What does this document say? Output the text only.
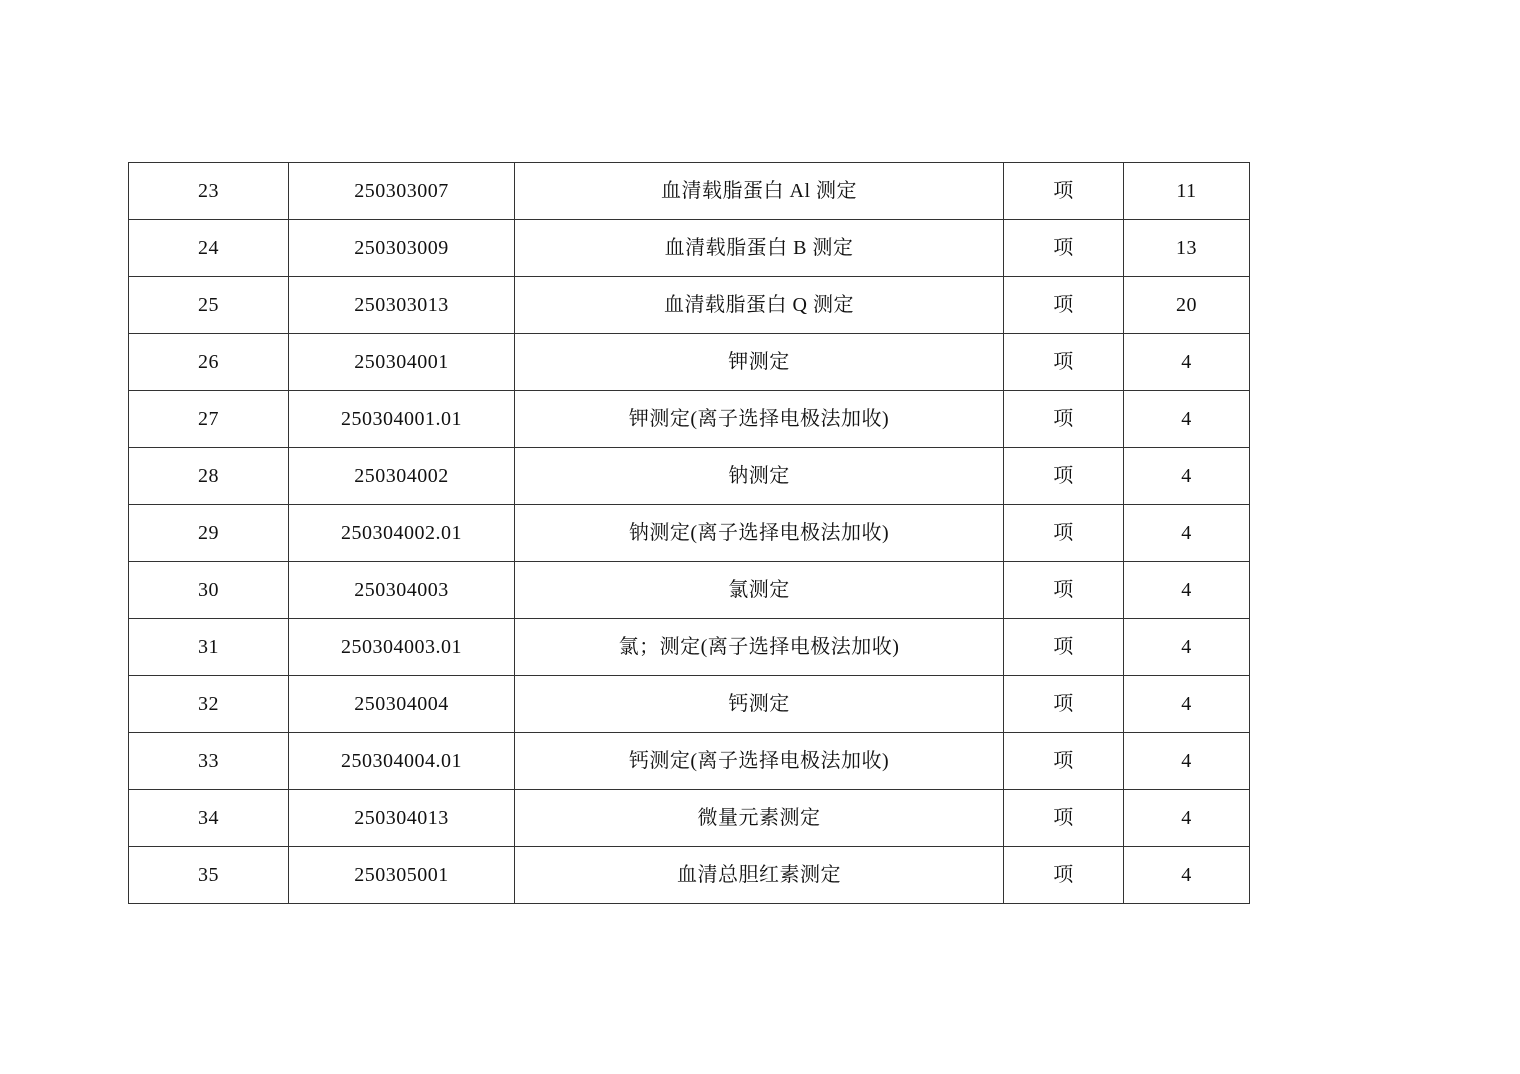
23	250303007	血清载脂蛋白 Al 测定	项	11
24	250303009	血清载脂蛋白 B 测定	项	13
25	250303013	血清载脂蛋白 Q 测定	项	20
26	250304001	钾测定	项	4
27	250304001.01	钾测定(离子选择电极法加收)	项	4
28	250304002	钠测定	项	4
29	250304002.01	钠测定(离子选择电极法加收)	项	4
30	250304003	氯测定	项	4
31	250304003.01	氯；测定(离子选择电极法加收)	项	4
32	250304004	钙测定	项	4
33	250304004.01	钙测定(离子选择电极法加收)	项	4
34	250304013	微量元素测定	项	4
35	250305001	血清总胆红素测定	项	4
